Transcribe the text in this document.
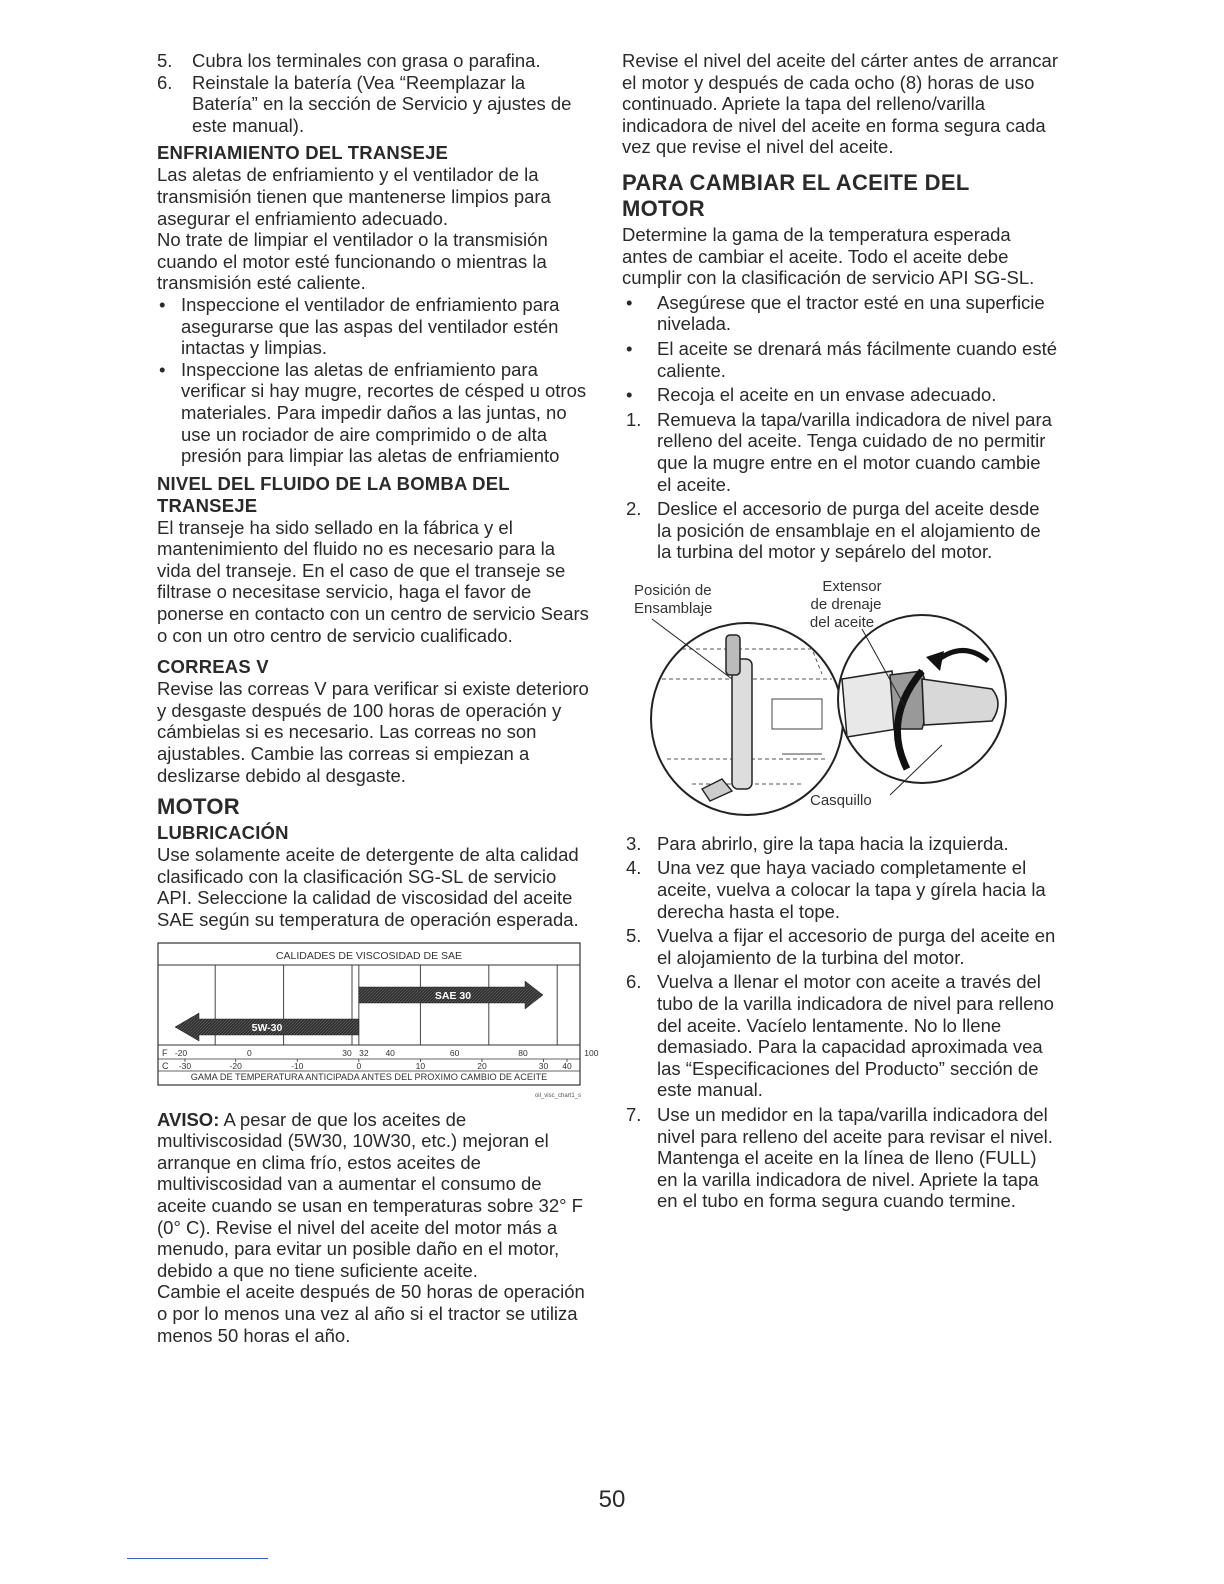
5.	Cubra los terminales con grasa o parafina.
6.	Reinstale la batería (Vea “Reemplazar la Batería” en la sección de Servicio y ajustes de este manual).
ENFRIAMIENTO DEL TRANSEJE

Las aletas de enfriamiento y el ventilador de la transmisión tienen que mantenerse limpios para asegurar el enfriamiento adecuado.

No trate de limpiar el ventilador o la transmisión cuando el motor esté funcionando o mientras la transmisión esté caliente.

• Inspeccione el ventilador de enfriamiento para asegurarse que las aspas del ventilador estén intactas y limpias.
• Inspeccione las aletas de enfriamiento para verificar si hay mugre, recortes de césped u otros materiales. Para impedir daños a las juntas, no use un rociador de aire comprimido o de alta presión para limpiar las aletas de enfriamiento
NIVEL DEL FLUIDO DE LA BOMBA DEL TRANSEJE

El transeje ha sido sellado en la fábrica y el mantenimiento del fluido no es necesario para la vida del transeje. En el caso de que el transeje se filtrase o necesitase servicio, haga el favor de ponerse en contacto con un centro de servicio Sears o con un otro centro de servicio cualificado.

CORREAS V

Revise las correas V para verificar si existe deterioro y desgaste después de 100 horas de operación y cámbielas si es necesario. Las correas no son ajustables. Cambie las correas si empiezan a deslizarse debido al desgaste.

MOTOR
LUBRICACIÓN

Use solamente aceite de detergente de alta calidad clasificado con la clasificación SG-SL de servicio API. Seleccione la calidad de viscosidad del aceite SAE según su temperatura de operación esperada.

CALIDADES DE VISCOSIDAD DE SAE
5W-30
SAE 30
F -20	0	30 32 40	60	80	100
C -30	-20	-10	0	10	20	30 40
GAMA DE TEMPERATURA ANTICIPADA ANTES DEL PROXIMO CAMBIO DE ACEITE
oil_visc_chart1_s

AVISO: A pesar de que los aceites de multiviscosidad (5W30, 10W30, etc.) mejoran el arranque en clima frío, estos aceites de multiviscosidad van a aumentar el consumo de aceite cuando se usan en temperaturas sobre 32° F (0° C). Revise el nivel del aceite del motor más a menudo, para evitar un posible daño en el motor, debido a que no tiene suficiente aceite.

Cambie el aceite después de 50 horas de operación o por lo menos una vez al año si el tractor se utiliza menos 50 horas el año.

Revise el nivel del aceite del cárter antes de arrancar el motor y después de cada ocho (8) horas de uso continuado. Apriete la tapa del relleno/varilla indicadora de nivel del aceite en forma segura cada vez que revise el nivel del aceite.

PARA CAMBIAR EL ACEITE DEL MOTOR

Determine la gama de la temperatura esperada antes de cambiar el aceite. Todo el aceite debe cumplir con la clasificación de servicio API SG-SL.

•	Asegúrese que el tractor esté en una superficie nivelada.
•	El aceite se drenará más fácilmente cuando esté caliente.
•	Recoja el aceite en un envase adecuado.
1. Remueva la tapa/varilla indicadora de nivel para relleno del aceite. Tenga cuidado de no permitir que la mugre entre en el motor cuando cambie el aceite.
2. Deslice el accesorio de purga del aceite desde la posición de ensamblaje en el alojamiento de la turbina del motor y sepárelo del motor.
Posición de
Ensamblaje
Extensor
de drenaje
del aceite
Casquillo
3. Para abrirlo, gire la tapa hacia la izquierda.
4. Una vez que haya vaciado completamente el aceite, vuelva a colocar la tapa y gírela hacia la derecha hasta el tope.
5. Vuelva a fijar el accesorio de purga del aceite en el alojamiento de la turbina del motor.
6. Vuelva a llenar el motor con aceite a través del tubo de la varilla indicadora de nivel para relleno del aceite. Vacíelo lentamente. No lo llene demasiado. Para la capacidad aproximada vea las “Especificaciones del Producto” sección de este manual.
7. Use un medidor en la tapa/varilla indicadora del nivel para relleno del aceite para revisar el nivel. Mantenga el aceite en la línea de lleno (FULL) en la varilla indicadora de nivel. Apriete la tapa en el tubo en forma segura cuando termine.
50
